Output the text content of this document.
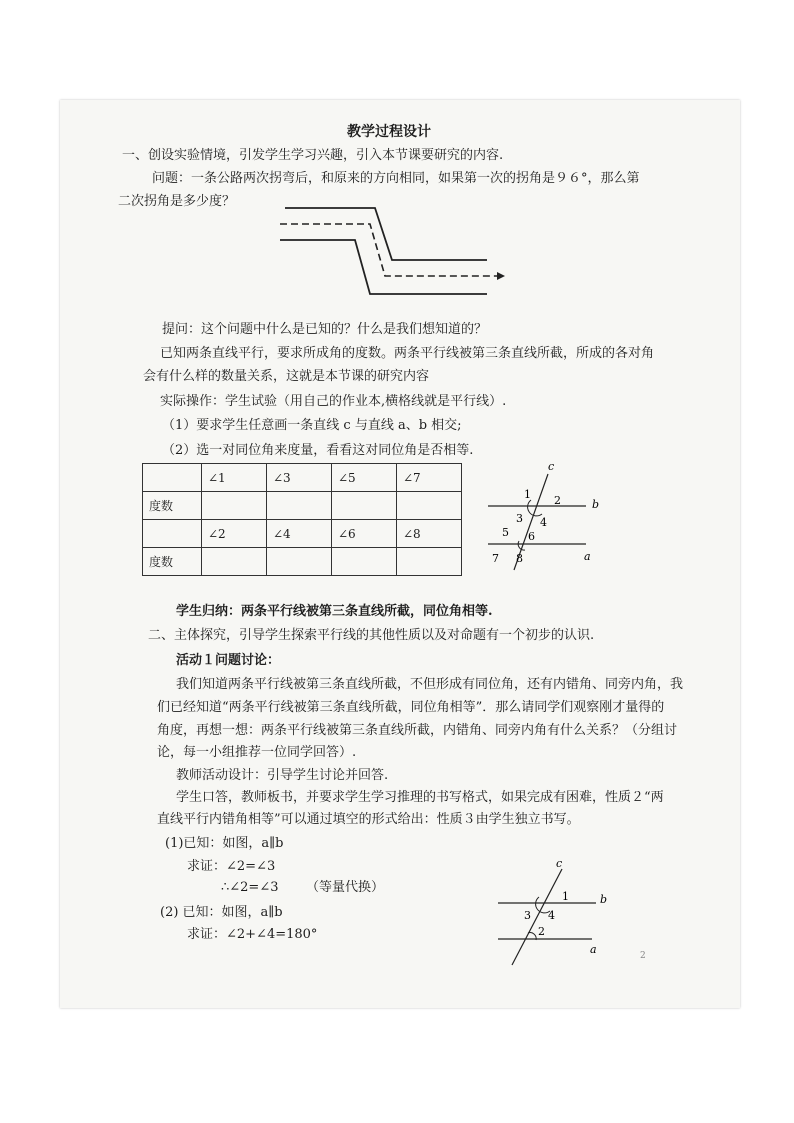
教学过程设计
一、创设实验情境，引发学生学习兴趣，引入本节课要研究的内容.
问题：一条公路两次拐弯后，和原来的方向相同，如果第一次的拐角是９６°，那么第
二次拐角是多少度？
提问：这个问题中什么是已知的？什么是我们想知道的？
已知两条直线平行，要求所成角的度数。两条平行线被第三条直线所截，所成的各对角
会有什么样的数量关系，这就是本节课的研究内容
实际操作：学生试验（用自己的作业本,横格线就是平行线）.
（1）要求学生任意画一条直线 c 与直线 a、b 相交;
（2）选一对同位角来度量，看看这对同位角是否相等.
	∠1	∠3	∠5	∠7
度数				
	∠2	∠4	∠6	∠8
度数				
c
1 2	b
3 4
5 6
7 8	a
学生归纳：两条平行线被第三条直线所截，同位角相等.
二、主体探究，引导学生探索平行线的其他性质以及对命题有一个初步的认识.
活动１问题讨论：
我们知道两条平行线被第三条直线所截，不但形成有同位角，还有内错角、同旁内角，我
们已经知道“两条平行线被第三条直线所截，同位角相等”．那么请同学们观察刚才量得的
角度，再想一想：两条平行线被第三条直线所截，内错角、同旁内角有什么关系？（分组讨
论，每一小组推荐一位同学回答）.
教师活动设计：引导学生讨论并回答.
学生口答，教师板书，并要求学生学习推理的书写格式，如果完成有困难，性质２“两
直线平行内错角相等”可以通过填空的形式给出：性质３由学生独立书写。
(1)已知：如图，a∥b
求证：∠2=∠3
∴∠2=∠3 （等量代换）
(2) 已知：如图，a∥b
求证：∠2+∠4=180°
c
1	b
3 4
2
a	2
